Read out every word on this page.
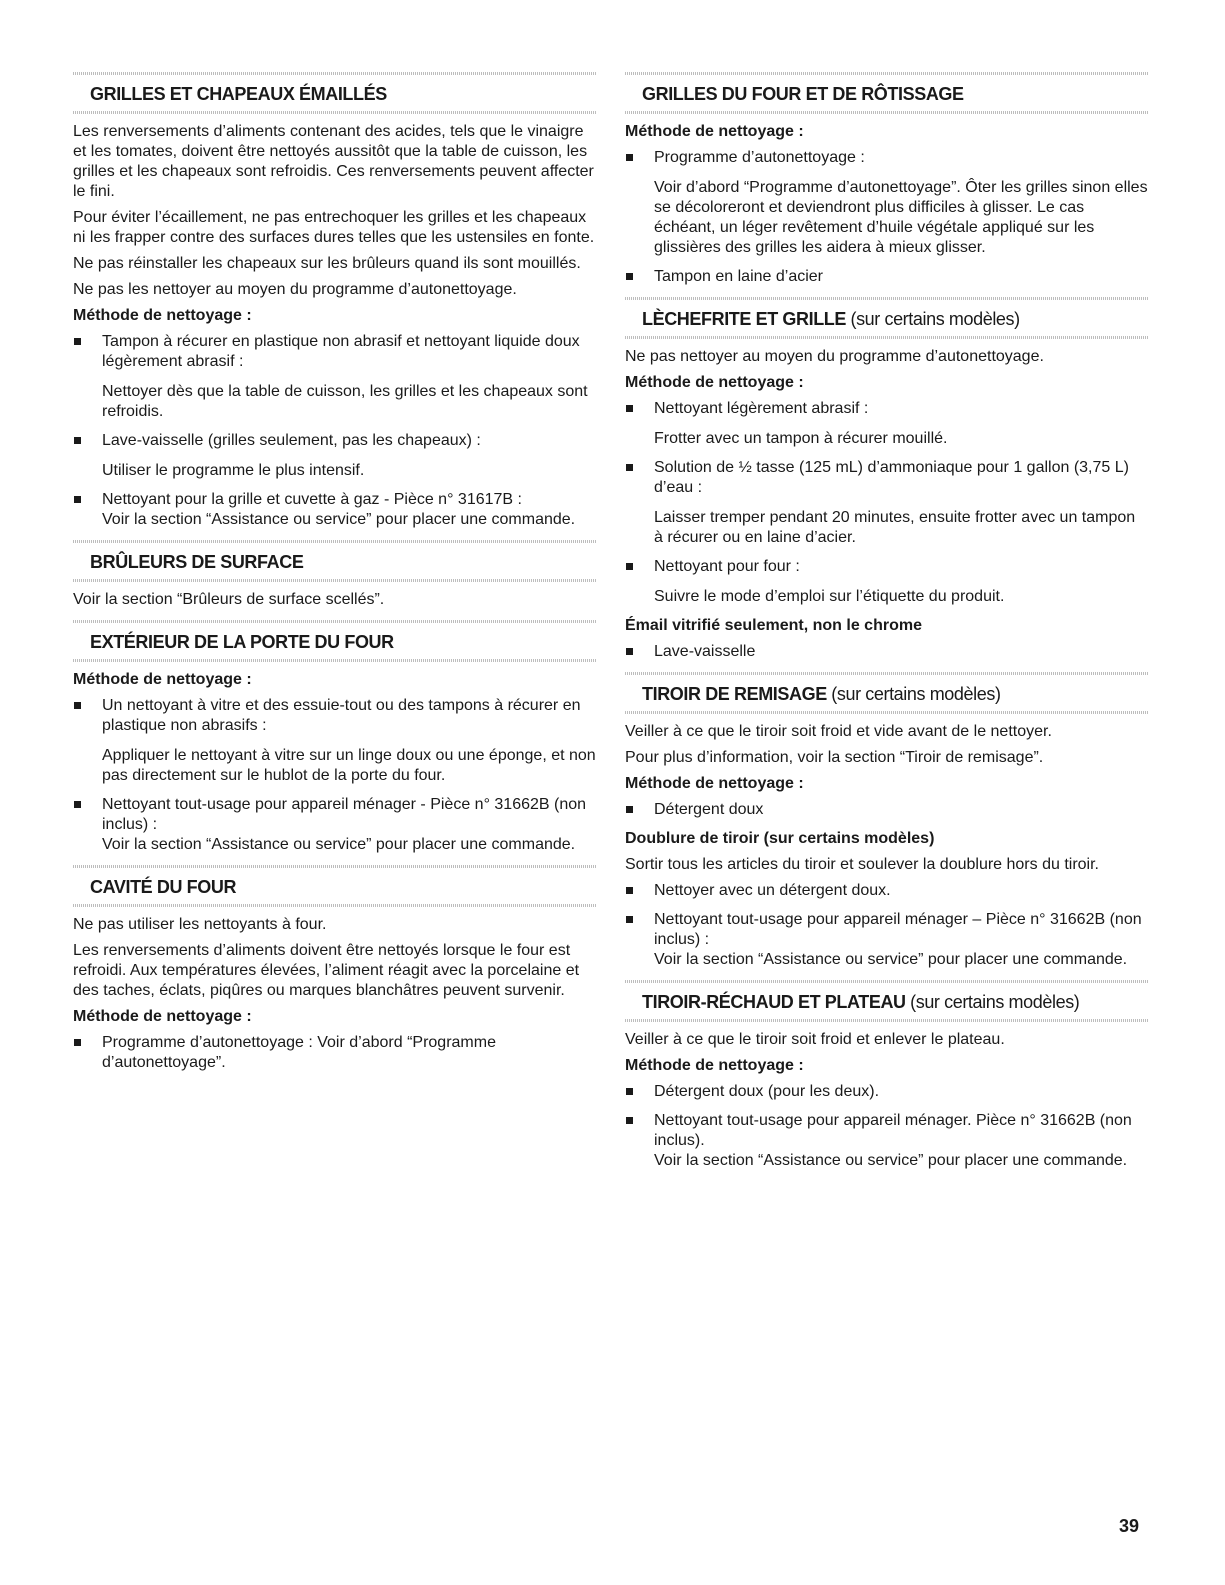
GRILLES ET CHAPEAUX ÉMAILLÉS

Les renversements d’aliments contenant des acides, tels que le vinaigre et les tomates, doivent être nettoyés aussitôt que la table de cuisson, les grilles et les chapeaux sont refroidis. Ces renversements peuvent affecter le fini.

Pour éviter l’écaillement, ne pas entrechoquer les grilles et les chapeaux ni les frapper contre des surfaces dures telles que les ustensiles en fonte.

Ne pas réinstaller les chapeaux sur les brûleurs quand ils sont mouillés.

Ne pas les nettoyer au moyen du programme d’autonettoyage.

Méthode de nettoyage :
Tampon à récurer en plastique non abrasif et nettoyant liquide doux légèrement abrasif :
Nettoyer dès que la table de cuisson, les grilles et les chapeaux sont refroidis.
Lave-vaisselle (grilles seulement, pas les chapeaux) :
Utiliser le programme le plus intensif.
Nettoyant pour la grille et cuvette à gaz - Pièce n° 31617B :
Voir la section “Assistance ou service” pour placer une commande.
BRÛLEURS DE SURFACE

Voir la section “Brûleurs de surface scellés”.

EXTÉRIEUR DE LA PORTE DU FOUR
Méthode de nettoyage :
Un nettoyant à vitre et des essuie-tout ou des tampons à récurer en plastique non abrasifs :
Appliquer le nettoyant à vitre sur un linge doux ou une éponge, et non pas directement sur le hublot de la porte du four.
Nettoyant tout-usage pour appareil ménager - Pièce n° 31662B (non inclus) :
Voir la section “Assistance ou service” pour placer une commande.
CAVITÉ DU FOUR

Ne pas utiliser les nettoyants à four.

Les renversements d’aliments doivent être nettoyés lorsque le four est refroidi. Aux températures élevées, l’aliment réagit avec la porcelaine et des taches, éclats, piqûres ou marques blanchâtres peuvent survenir.

Méthode de nettoyage :
Programme d’autonettoyage : Voir d’abord “Programme d’autonettoyage”.
GRILLES DU FOUR ET DE RÔTISSAGE
Méthode de nettoyage :
Programme d’autonettoyage :
Voir d’abord “Programme d’autonettoyage”. Ôter les grilles sinon elles se décoloreront et deviendront plus difficiles à glisser. Le cas échéant, un léger revêtement d’huile végétale appliqué sur les glissières des grilles les aidera à mieux glisser.
Tampon en laine d’acier
LÈCHEFRITE ET GRILLE (sur certains modèles)

Ne pas nettoyer au moyen du programme d’autonettoyage.

Méthode de nettoyage :
Nettoyant légèrement abrasif :
Frotter avec un tampon à récurer mouillé.
Solution de ½ tasse (125 mL) d’ammoniaque pour 1 gallon (3,75 L) d’eau :
Laisser tremper pendant 20 minutes, ensuite frotter avec un tampon à récurer ou en laine d’acier.
Nettoyant pour four :
Suivre le mode d’emploi sur l’étiquette du produit.
Émail vitrifié seulement, non le chrome
Lave-vaisselle
TIROIR DE REMISAGE (sur certains modèles)

Veiller à ce que le tiroir soit froid et vide avant de le nettoyer.

Pour plus d’information, voir la section “Tiroir de remisage”.

Méthode de nettoyage :
Détergent doux
Doublure de tiroir (sur certains modèles)

Sortir tous les articles du tiroir et soulever la doublure hors du tiroir.

Nettoyer avec un détergent doux.
Nettoyant tout-usage pour appareil ménager – Pièce n° 31662B (non inclus) :
Voir la section “Assistance ou service” pour placer une commande.
TIROIR-RÉCHAUD ET PLATEAU (sur certains modèles)

Veiller à ce que le tiroir soit froid et enlever le plateau.

Méthode de nettoyage :
Détergent doux (pour les deux).
Nettoyant tout-usage pour appareil ménager. Pièce n° 31662B (non inclus).
Voir la section “Assistance ou service” pour placer une commande.
39
